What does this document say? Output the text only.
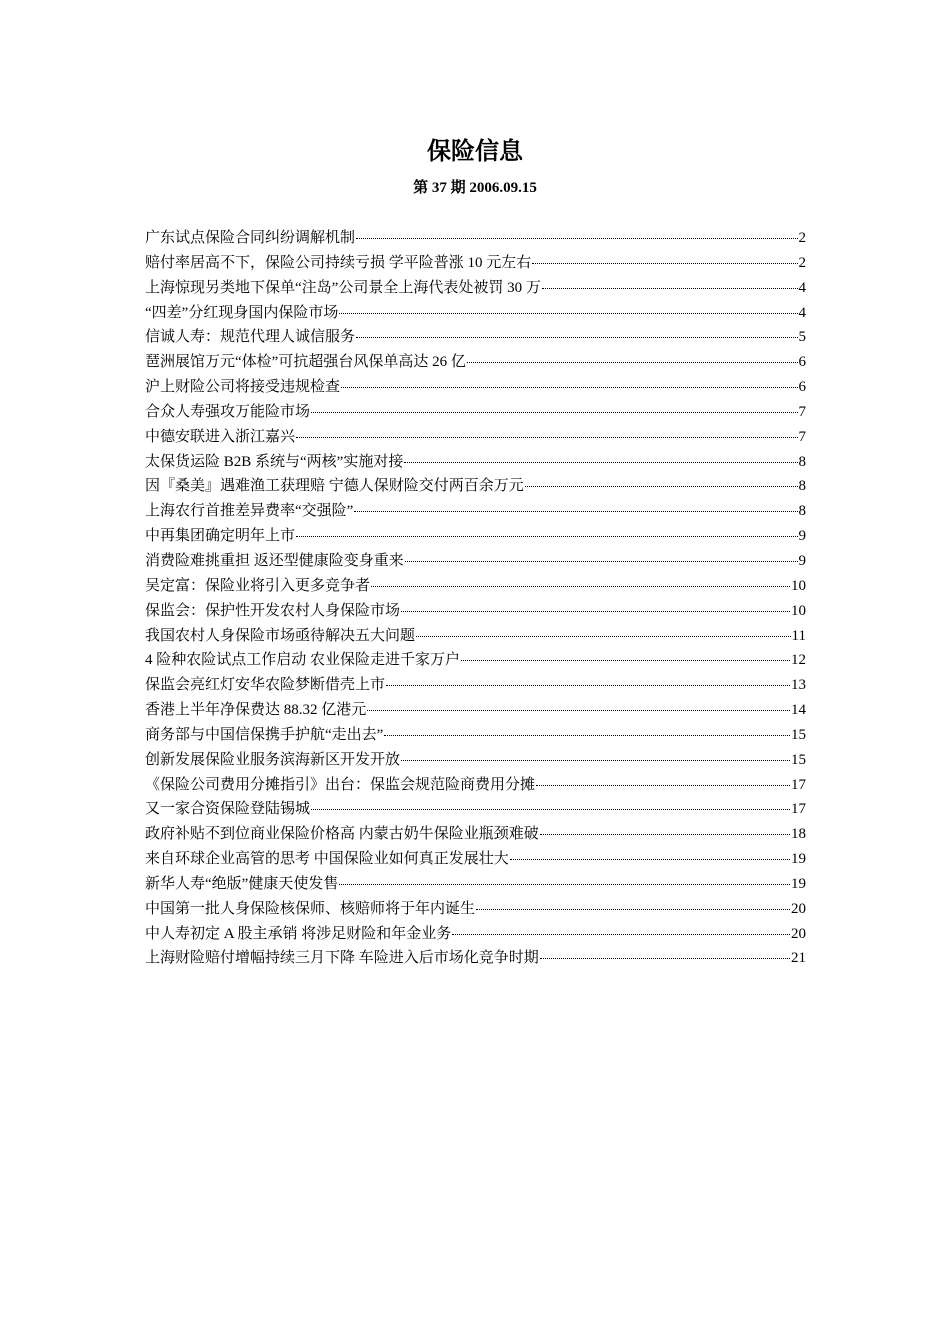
保险信息
第 37 期 2006.09.15
广东试点保险合同纠纷调解机制	2
赔付率居高不下，保险公司持续亏损 学平险普涨 10 元左右	2
上海惊现另类地下保单“注岛”公司景全上海代表处被罚 30 万	4
“四差”分红现身国内保险市场	4
信诚人寿：规范代理人诚信服务	5
琶洲展馆万元“体检”可抗超强台风保单高达 26 亿	6
沪上财险公司将接受违规检查	6
合众人寿强攻万能险市场	7
中德安联进入浙江嘉兴	7
太保货运险 B2B 系统与“两核”实施对接	8
因『桑美』遇难渔工获理赔 宁德人保财险交付两百余万元	8
上海农行首推差异费率“交强险”	8
中再集团确定明年上市	9
消费险难挑重担 返还型健康险变身重来	9
吴定富：保险业将引入更多竞争者	10
保监会：保护性开发农村人身保险市场	10
我国农村人身保险市场亟待解决五大问题	11
4 险种农险试点工作启动 农业保险走进千家万户	12
保监会亮红灯安华农险梦断借壳上市	13
香港上半年净保费达 88.32 亿港元	14
商务部与中国信保携手护航“走出去”	15
创新发展保险业服务滨海新区开发开放	15
《保险公司费用分摊指引》出台：保监会规范险商费用分摊	17
又一家合资保险登陆锡城	17
政府补贴不到位商业保险价格高 内蒙古奶牛保险业瓶颈难破	18
来自环球企业高管的思考 中国保险业如何真正发展壮大	19
新华人寿“绝版”健康天使发售	19
中国第一批人身保险核保师、核赔师将于年内诞生	20
中人寿初定 A 股主承销 将涉足财险和年金业务	20
上海财险赔付增幅持续三月下降 车险进入后市场化竞争时期	21
